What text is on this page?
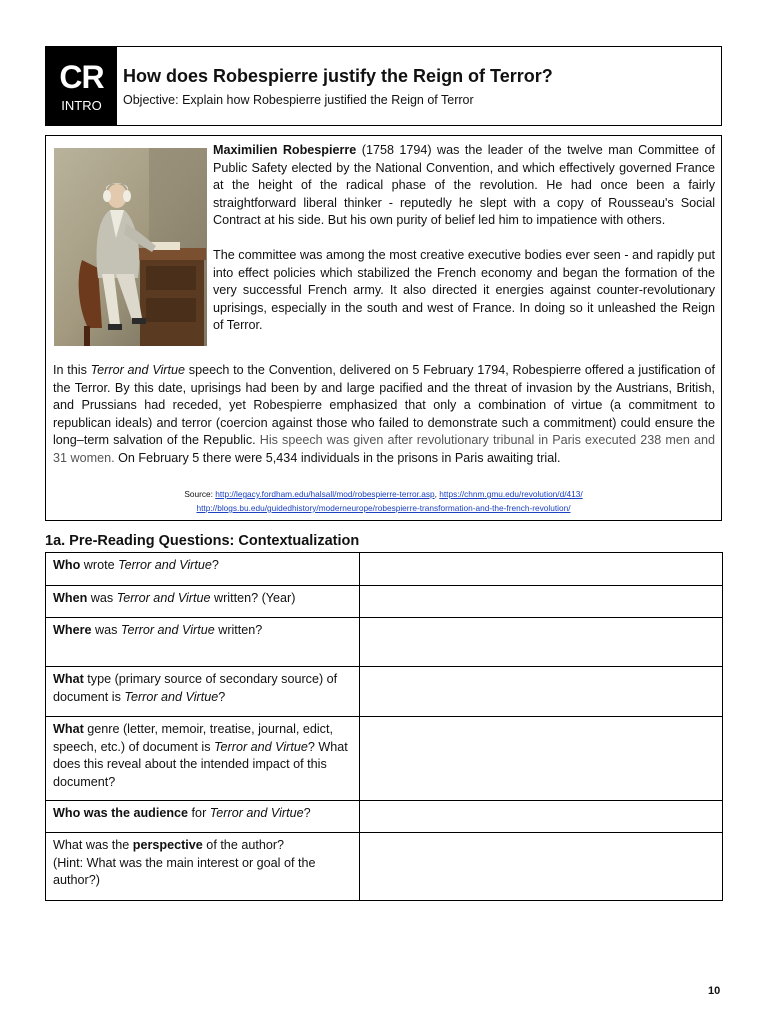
CR
INTRO
How does Robespierre justify the Reign of Terror?
Objective: Explain how Robespierre justified the Reign of Terror

Maximilien Robespierre (1758 1794) was the leader of the twelve man Committee of Public Safety elected by the National Convention, and which effectively governed France at the height of the radical phase of the revolution. He had once been a fairly straightforward liberal thinker - reputedly he slept with a copy of Rousseau's Social Contract at his side. But his own purity of belief led him to impatience with others.

The committee was among the most creative executive bodies ever seen - and rapidly put into effect policies which stabilized the French economy and began the formation of the very successful French army. It also directed it energies against counter-revolutionary uprisings, especially in the south and west of France. In doing so it unleashed the Reign of Terror.

In this Terror and Virtue speech to the Convention, delivered on 5 February 1794, Robespierre offered a justification of the Terror. By this date, uprisings had been by and large pacified and the threat of invasion by the Austrians, British, and Prussians had receded, yet Robespierre emphasized that only a combination of virtue (a commitment to republican ideals) and terror (coercion against those who failed to demonstrate such a commitment) could ensure the long–term salvation of the Republic. His speech was given after revolutionary tribunal in Paris executed 238 men and 31 women. On February 5 there were 5,434 individuals in the prisons in Paris awaiting trial.

Source: http://legacy.fordham.edu/halsall/mod/robespierre-terror.asp, https://chnm.gmu.edu/revolution/d/413/
http://blogs.bu.edu/guidedhistory/moderneurope/robespierre-transformation-and-the-french-revolution/
1a. Pre-Reading Questions: Contextualization
Who wrote Terror and Virtue?	
When was Terror and Virtue written? (Year)	
Where was Terror and Virtue written?	
What type (primary source of secondary source) of document is Terror and Virtue?	
What genre (letter, memoir, treatise, journal, edict, speech, etc.) of document is Terror and Virtue? What does this reveal about the intended impact of this document?	
Who was the audience for Terror and Virtue?	
What was the perspective of the author?
(Hint: What was the main interest or goal of the author?)	
10
